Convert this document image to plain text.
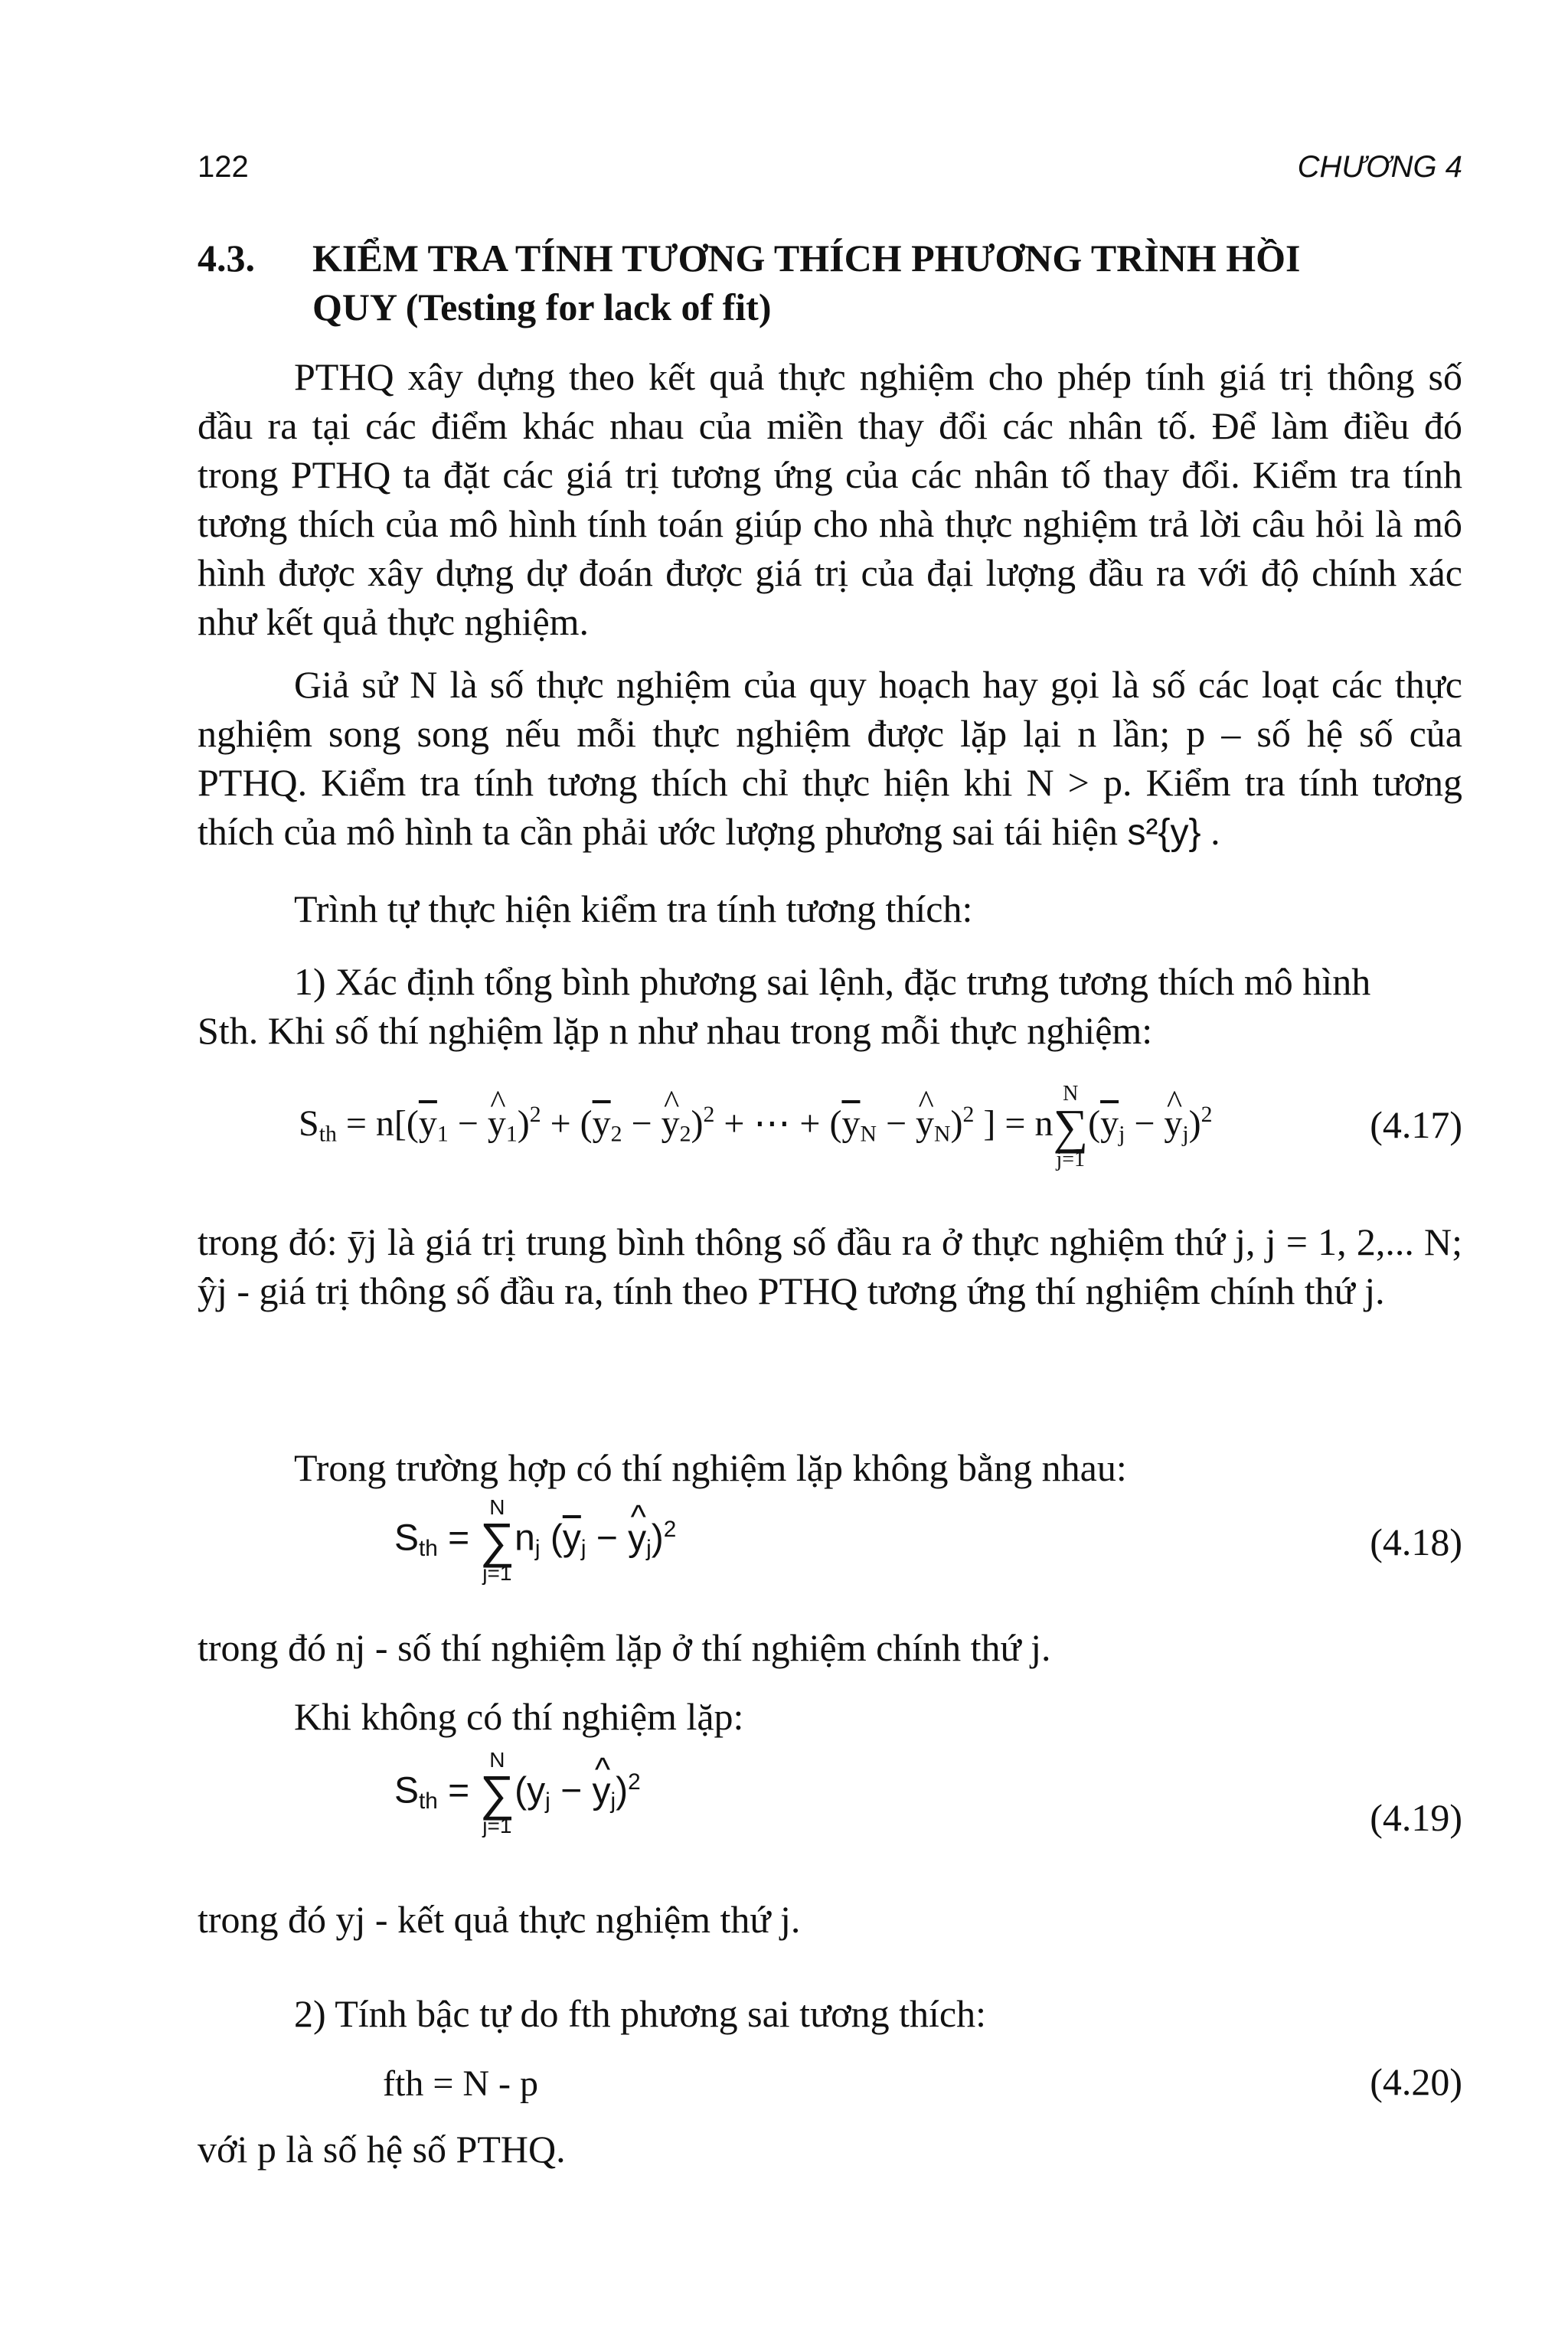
122	CHƯƠNG 4
4.3. KIỂM TRA TÍNH TƯƠNG THÍCH PHƯƠNG TRÌNH HỒI
QUY (Testing for lack of fit)
PTHQ xây dựng theo kết quả thực nghiệm cho phép tính giá trị thông số đầu ra tại các điểm khác nhau của miền thay đổi các nhân tố. Để làm điều đó trong PTHQ ta đặt các giá trị tương ứng của các nhân tố thay đổi. Kiểm tra tính tương thích của mô hình tính toán giúp cho nhà thực nghiệm trả lời câu hỏi là mô hình được xây dựng dự đoán được giá trị của đại lượng đầu ra với độ chính xác như kết quả thực nghiệm.
Giả sử N là số thực nghiệm của quy hoạch hay gọi là số các loạt các thực nghiệm song song nếu mỗi thực nghiệm được lặp lại n lần; p – số hệ số của PTHQ. Kiểm tra tính tương thích chỉ thực hiện khi N > p. Kiểm tra tính tương thích của mô hình ta cần phải ước lượng phương sai tái hiện s²{y} .
Trình tự thực hiện kiểm tra tính tương thích:
1) Xác định tổng bình phương sai lệnh, đặc trưng tương thích mô hình
Sth. Khi số thí nghiệm lặp n như nhau trong mỗi thực nghiệm:
$S_{th} = n[(\overline{y}_1$ − ^ $y_1)^2 + (\overline{y}_2$ − ^ $y_2)^2$ + ⋯ + ($\overline{y}_N$ − ^ $y_N)^2$ ] = n
N
∑
j=1
($\overline{y}_j$ − ^ $y_j)^2$	(4.17)
trong đó: ȳj là giá trị trung bình thông số đầu ra ở thực nghiệm thứ j, j = 1, 2,... N; ŷj - giá trị thông số đầu ra, tính theo PTHQ tương ứng thí nghiệm chính thứ j.
Trong trường hợp có thí nghiệm lặp không bằng nhau:
$S_{th}$ =
N
∑
j=1
$n_j$ ($\overline{y}_j$ − ^ $y_j)^2$	(4.18)
trong đó nj - số thí nghiệm lặp ở thí nghiệm chính thứ j.
Khi không có thí nghiệm lặp:
$S_{th}$ =
N
∑
j=1
($y_j$ − ^ $y_j)^2$
(4.19)
trong đó yj - kết quả thực nghiệm thứ j.
2) Tính bậc tự do fth phương sai tương thích:
fth = N - p	(4.20)
với p là số hệ số PTHQ.
